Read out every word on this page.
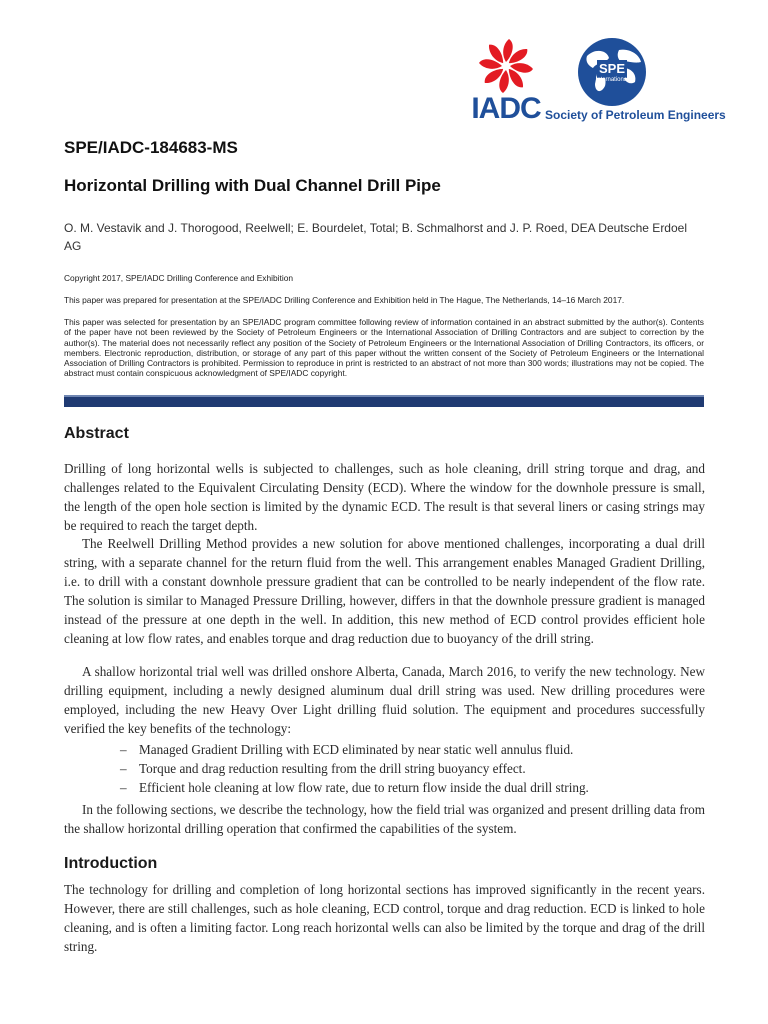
IADC
SPE
International
Society of Petroleum Engineers
SPE/IADC-184683-MS
Horizontal Drilling with Dual Channel Drill Pipe
O. M. Vestavik and J. Thorogood, Reelwell; E. Bourdelet, Total; B. Schmalhorst and J. P. Roed, DEA Deutsche Erdoel AG
Copyright 2017, SPE/IADC Drilling Conference and Exhibition
This paper was prepared for presentation at the SPE/IADC Drilling Conference and Exhibition held in The Hague, The Netherlands, 14–16 March 2017.
This paper was selected for presentation by an SPE/IADC program committee following review of information contained in an abstract submitted by the author(s). Contents of the paper have not been reviewed by the Society of Petroleum Engineers or the International Association of Drilling Contractors and are subject to correction by the author(s). The material does not necessarily reflect any position of the Society of Petroleum Engineers or the International Association of Drilling Contractors, its officers, or members. Electronic reproduction, distribution, or storage of any part of this paper without the written consent of the Society of Petroleum Engineers or the International Association of Drilling Contractors is prohibited. Permission to reproduce in print is restricted to an abstract of not more than 300 words; illustrations may not be copied. The abstract must contain conspicuous acknowledgment of SPE/IADC copyright.
Abstract

Drilling of long horizontal wells is subjected to challenges, such as hole cleaning, drill string torque and drag, and challenges related to the Equivalent Circulating Density (ECD). Where the window for the downhole pressure is small, the length of the open hole section is limited by the dynamic ECD. The result is that several liners or casing strings may be required to reach the target depth.

The Reelwell Drilling Method provides a new solution for above mentioned challenges, incorporating a dual drill string, with a separate channel for the return fluid from the well. This arrangement enables Managed Gradient Drilling, i.e. to drill with a constant downhole pressure gradient that can be controlled to be nearly independent of the flow rate. The solution is similar to Managed Pressure Drilling, however, differs in that the downhole pressure gradient is managed instead of the pressure at one depth in the well. In addition, this new method of ECD control provides efficient hole cleaning at low flow rates, and enables torque and drag reduction due to buoyancy of the drill string.

A shallow horizontal trial well was drilled onshore Alberta, Canada, March 2016, to verify the new technology. New drilling equipment, including a newly designed aluminum dual drill string was used. New drilling procedures were employed, including the new Heavy Over Light drilling fluid solution. The equipment and procedures successfully verified the key benefits of the technology:

– Managed Gradient Drilling with ECD eliminated by near static well annulus fluid.
– Torque and drag reduction resulting from the drill string buoyancy effect.
– Efficient hole cleaning at low flow rate, due to return flow inside the dual drill string.

In the following sections, we describe the technology, how the field trial was organized and present drilling data from the shallow horizontal drilling operation that confirmed the capabilities of the system.

Introduction

The technology for drilling and completion of long horizontal sections has improved significantly in the recent years. However, there are still challenges, such as hole cleaning, ECD control, torque and drag reduction. ECD is linked to hole cleaning, and is often a limiting factor. Long reach horizontal wells can also be limited by the torque and drag of the drill string.
